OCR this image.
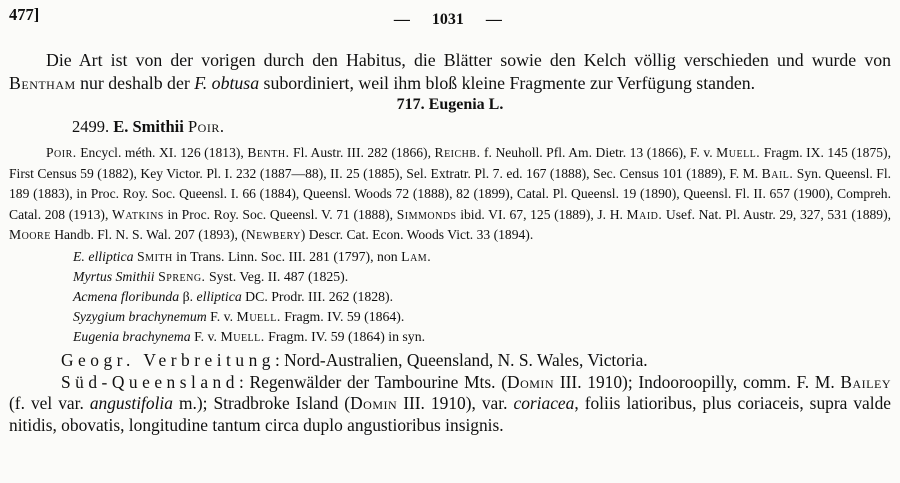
477]	— 1031 —

Die Art ist von der vorigen durch den Habitus, die Blätter sowie den Kelch völlig verschieden und wurde von Bentham nur deshalb der F. obtusa subordiniert, weil ihm bloß kleine Fragmente zur Verfügung standen.

717. Eugenia L.

2499. E. Smithii Poir.

Poir. Encycl. méth. XI. 126 (1813), Benth. Fl. Austr. III. 282 (1866), Reichb. f. Neuholl. Pfl. Am. Dietr. 13 (1866), F. v. Muell. Fragm. IX. 145 (1875), First Census 59 (1882), Key Victor. Pl. I. 232 (1887—88), II. 25 (1885), Sel. Extratr. Pl. 7. ed. 167 (1888), Sec. Census 101 (1889), F. M. Bail. Syn. Queensl. Fl. 189 (1883), in Proc. Roy. Soc. Queensl. I. 66 (1884), Queensl. Woods 72 (1888), 82 (1899), Catal. Pl. Queensl. 19 (1890), Queensl. Fl. II. 657 (1900), Compreh. Catal. 208 (1913), Watkins in Proc. Roy. Soc. Queensl. V. 71 (1888), Simmonds ibid. VI. 67, 125 (1889), J. H. Maid. Usef. Nat. Pl. Austr. 29, 327, 531 (1889), Moore Handb. Fl. N. S. Wal. 207 (1893), (Newbery) Descr. Cat. Econ. Woods Vict. 33 (1894).

E. elliptica Smith in Trans. Linn. Soc. III. 281 (1797), non Lam.

Myrtus Smithii Spreng. Syst. Veg. II. 487 (1825).

Acmena floribunda β. elliptica DC. Prodr. III. 262 (1828).

Syzygium brachynemum F. v. Muell. Fragm. IV. 59 (1864).

Eugenia brachynema F. v. Muell. Fragm. IV. 59 (1864) in syn.

Geogr. Verbreitung: Nord-Australien, Queensland, N. S. Wales, Victoria.

Süd-Queensland: Regenwälder der Tambourine Mts. (Domin III. 1910); Indooroopilly, comm. F. M. Bailey (f. vel var. angustifolia m.); Stradbroke Island (Domin III. 1910), var. coriacea, foliis latioribus, plus coriaceis, supra valde nitidis, obovatis, longitudine tantum circa duplo angustioribus insignis.
